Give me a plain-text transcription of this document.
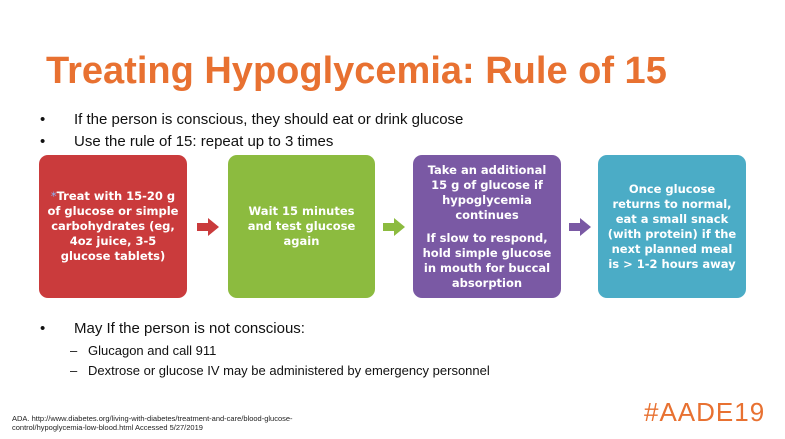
Treating Hypoglycemia: Rule of 15
• If the person is conscious, they should eat or drink glucose
• Use the rule of 15: repeat up to 3 times

*Treat with 15-20 g of glucose or simple carbohydrates (eg, 4oz juice, 3-5 glucose tablets)

Wait 15 minutes and test glucose again

Take an additional 15 g of glucose if hypoglycemia continues

If slow to respond, hold simple glucose in mouth for buccal absorption

Once glucose returns to normal, eat a small snack (with protein) if the next planned meal is > 1-2 hours away

• May If the person is not conscious:
– Glucagon and call 911
– Dextrose or glucose IV may be administered by emergency personnel
ADA. http://www.diabetes.org/living-with-diabetes/treatment-and-care/blood-glucose-
control/hypoglycemia-low-blood.html Accessed 5/27/2019
#AADE19
